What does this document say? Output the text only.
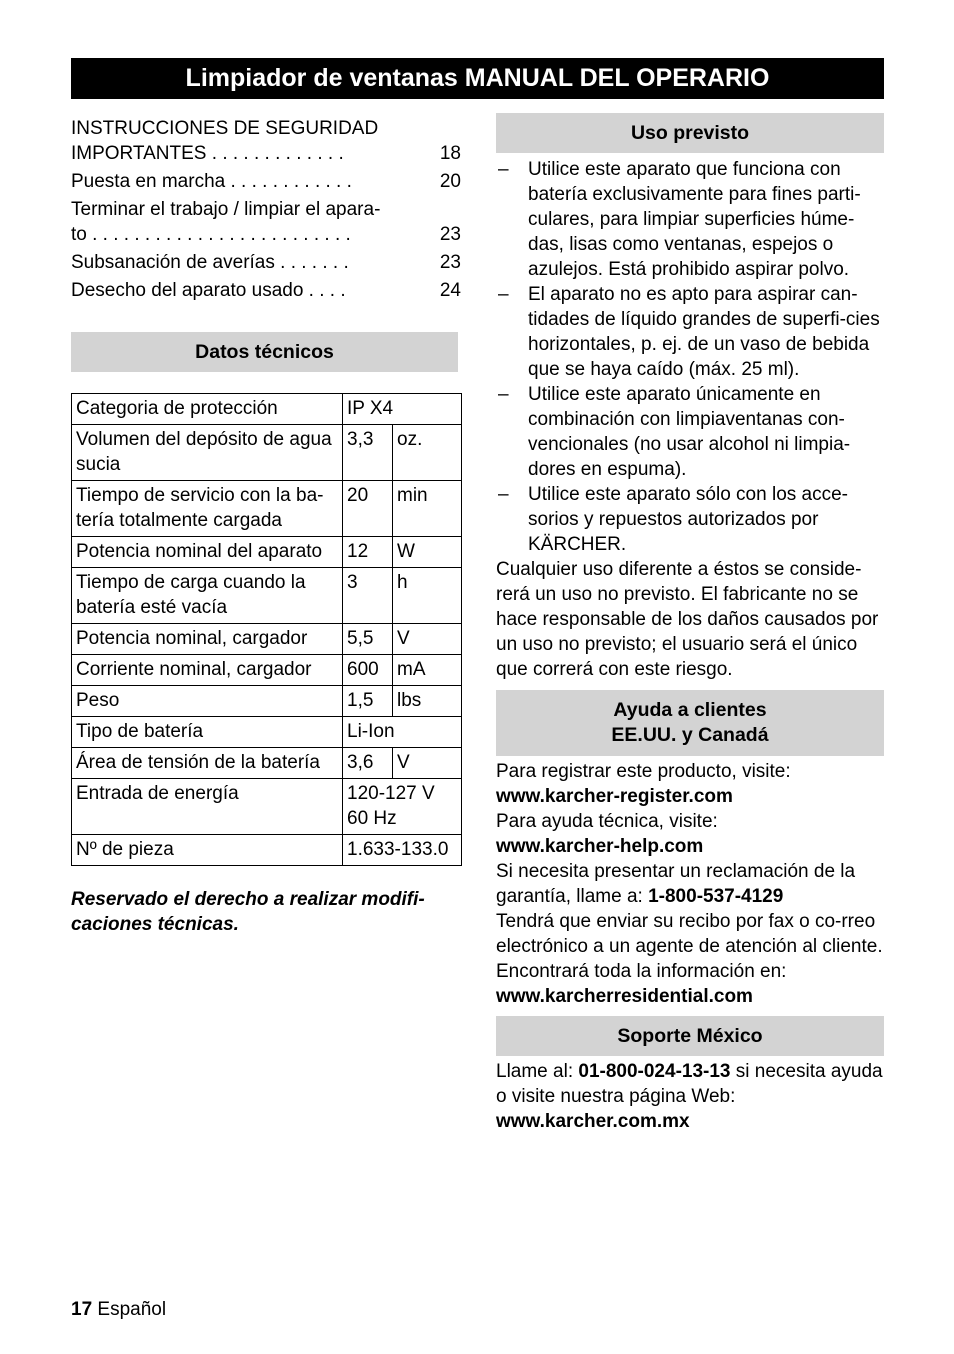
Limpiador de ventanas MANUAL DEL OPERARIO
INSTRUCCIONES DE SEGURIDAD
IMPORTANTES . . . . . . . . . . . . .	18
Puesta en marcha . . . . . . . . . . . .	20
Terminar el trabajo / limpiar el apara-
to . . . . . . . . . . . . . . . . . . . . . . . . .	23
Subsanación de averías . . . . . . .	23
Desecho del aparato usado . . . .	24
Datos técnicos
Categoria de protección	IP X4	
Volumen del depósito de agua sucia	3,3	oz.
Tiempo de servicio con la ba-tería totalmente cargada	20	min
Potencia nominal del aparato	12	W
Tiempo de carga cuando la batería esté vacía	3	h
Potencia nominal, cargador	5,5	V
Corriente nominal, cargador	600	mA
Peso	1,5	lbs
Tipo de batería	Li-Ion	
Área de tensión de la batería	3,6	V
Entrada de energía	120-127 V 60 Hz	
Nº de pieza	1.633-133.0	
Reservado el derecho a realizar modifi-caciones técnicas.
Uso previsto
– Utilice este aparato que funciona con batería exclusivamente para fines parti-culares, para limpiar superficies húme-das, lisas como ventanas, espejos o azulejos. Está prohibido aspirar polvo.
– El aparato no es apto para aspirar can-tidades de líquido grandes de superfi-cies horizontales, p. ej. de un vaso de bebida que se haya caído (máx. 25 ml).
– Utilice este aparato únicamente en combinación con limpiaventanas con-vencionales (no usar alcohol ni limpia-dores en espuma).
– Utilice este aparato sólo con los acce-sorios y repuestos autorizados por KÄRCHER.

Cualquier uso diferente a éstos se conside-rerá un uso no previsto. El fabricante no se hace responsable de los daños causados por un uso no previsto; el usuario será el único que correrá con este riesgo.

Ayuda a clientes
EE.UU. y Canadá

Para registrar este producto, visite:

www.karcher-register.com

Para ayuda técnica, visite:

www.karcher-help.com

Si necesita presentar un reclamación de la garantía, llame a: 1-800-537-4129

Tendrá que enviar su recibo por fax o co-rreo electrónico a un agente de atención al cliente. Encontrará toda la información en:

www.karcherresidential.com

Soporte México

Llame al: 01-800-024-13-13 si necesita ayuda o visite nuestra página Web:

www.karcher.com.mx

17 Español
